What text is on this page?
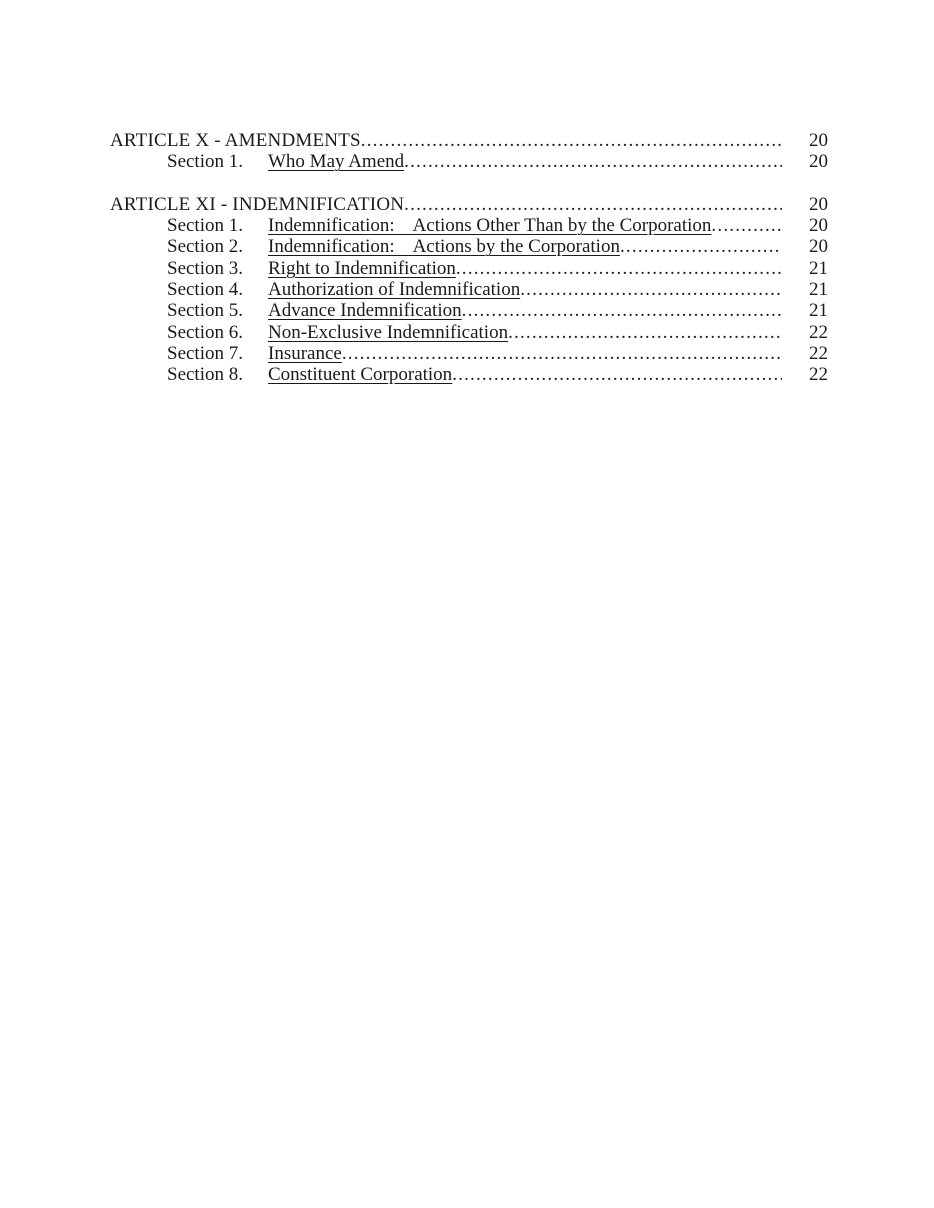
ARTICLE X - AMENDMENTS .....	20
Section 1.	Who May Amend .....	20
ARTICLE XI - INDEMNIFICATION .....	20
Section 1.	Indemnification:    Actions Other Than by the Corporation .....	20
Section 2.	Indemnification:    Actions by the Corporation .....	20
Section 3.	Right to Indemnification .....	21
Section 4.	Authorization of Indemnification .....	21
Section 5.	Advance Indemnification .....	21
Section 6.	Non-Exclusive Indemnification .....	22
Section 7.	Insurance .....	22
Section 8.	Constituent Corporation .....	22
